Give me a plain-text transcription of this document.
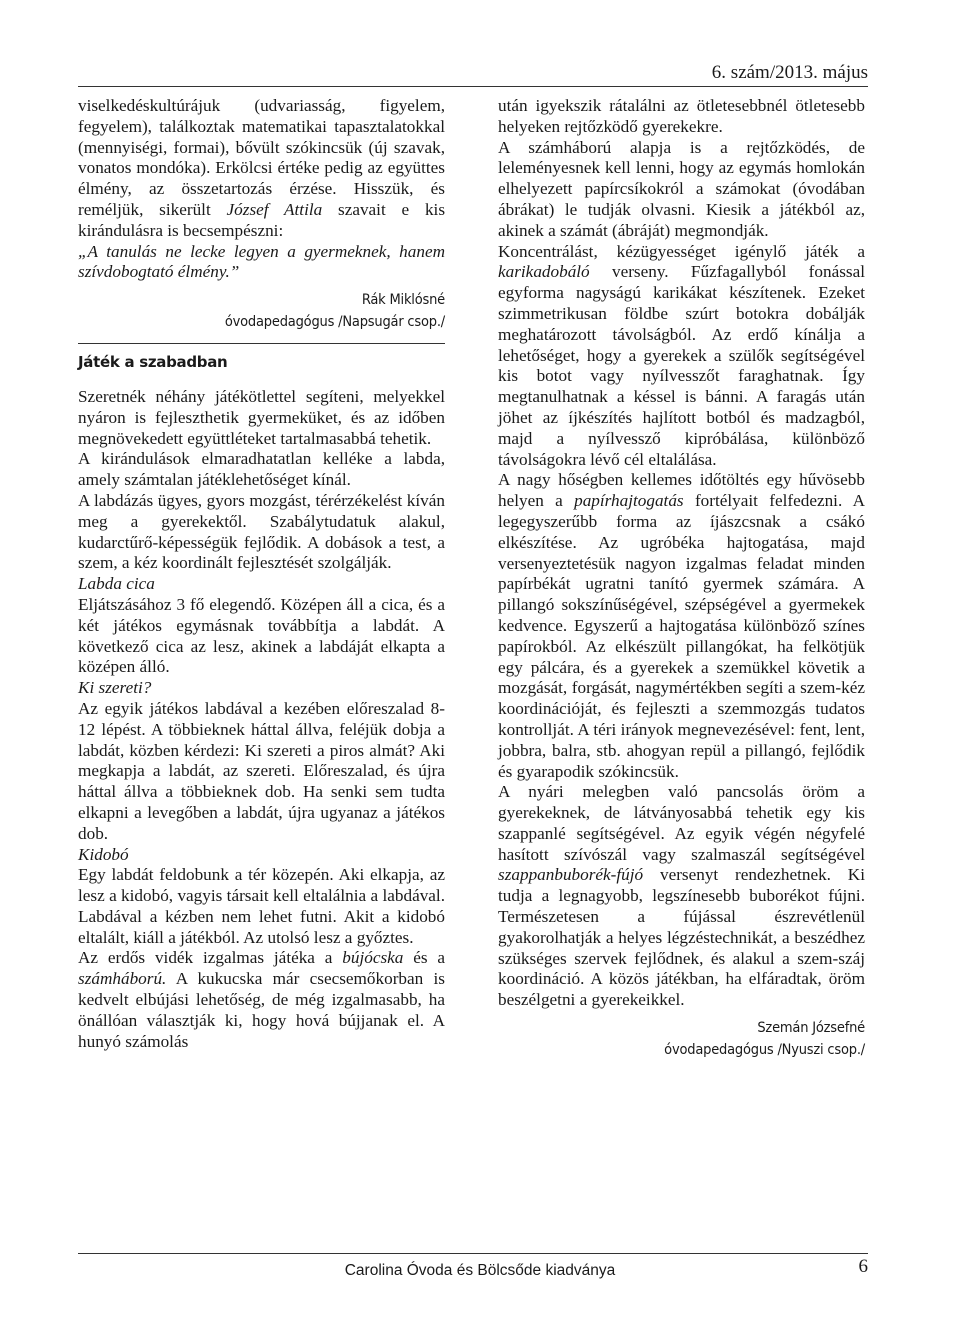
6. szám/2013. május

viselkedéskultúrájuk (udvariasság, figyelem, fegyelem), találkoztak matematikai tapasztalatokkal (mennyiségi, formai), bővült szókincsük (új szavak, vonatos mondóka). Erkölcsi értéke pedig az együttes élmény, az összetartozás érzése. Hisszük, és reméljük, sikerült József Attila szavait e kis kirándulásra is becsempészni:

„A tanulás ne lecke legyen a gyermeknek, hanem szívdobogtató élmény.”

Rák Miklósné
óvodapedagógus /Napsugár csop./
Játék a szabadban

Szeretnék néhány játékötlettel segíteni, melyekkel nyáron is fejleszthetik gyermeküket, és az időben megnövekedett együttléteket tartalmasabbá tehetik.

A kirándulások elmaradhatatlan kelléke a labda, amely számtalan játéklehetőséget kínál.

A labdázás ügyes, gyors mozgást, térérzékelést kíván meg a gyerekektől. Szabálytudatuk alakul, kudarctűrő-képességük fejlődik. A dobások a test, a szem, a kéz koordinált fejlesztését szolgálják.

Labda cica

Eljátszásához 3 fő elegendő. Középen áll a cica, és a két játékos egymásnak továbbítja a labdát. A következő cica az lesz, akinek a labdáját elkapta a középen álló.

Ki szereti?

Az egyik játékos labdával a kezében előreszalad 8-12 lépést. A többieknek háttal állva, feléjük dobja a labdát, közben kérdezi: Ki szereti a piros almát? Aki megkapja a labdát, az szereti. Előreszalad, és újra háttal állva a többieknek dob. Ha senki sem tudta elkapni a levegőben a labdát, újra ugyanaz a játékos dob.

Kidobó

Egy labdát feldobunk a tér közepén. Aki elkapja, az lesz a kidobó, vagyis társait kell eltalálnia a labdával. Labdával a kézben nem lehet futni. Akit a kidobó eltalált, kiáll a játékból. Az utolsó lesz a győztes.

Az erdős vidék izgalmas játéka a bújócska és a számháború. A kukucska már csecsemőkorban is kedvelt elbújási lehetőség, de még izgalmasabb, ha önállóan választják ki, hogy hová bújjanak el. A hunyó számolás

után igyekszik rátalálni az ötletesebbnél ötletesebb helyeken rejtőzködő gyerekekre.

A számháború alapja is a rejtőzködés, de leleményesnek kell lenni, hogy az egymás homlokán elhelyezett papírcsíkokról a számokat (óvodában ábrákat) le tudják olvasni. Kiesik a játékból az, akinek a számát (ábráját) megmondják.

Koncentrálást, kézügyességet igénylő játék a karikadobáló verseny. Fűzfagallyból fonással egyforma nagyságú karikákat készítenek. Ezeket szimmetrikusan földbe szúrt botokra dobálják meghatározott távolságból. Az erdő kínálja a lehetőséget, hogy a gyerekek a szülők segítségével kis botot vagy nyílvesszőt faraghatnak. Így megtanulhatnak a késsel is bánni. A faragás után jöhet az íjkészítés hajlított botból és madzagból, majd a nyílvessző kipróbálása, különböző távolságokra lévő cél eltalálása.

A nagy hőségben kellemes időtöltés egy hűvösebb helyen a papírhajtogatás fortélyait felfedezni. A legegyszerűbb forma az íjászcsnak a csákó elkészítése. Az ugróbéka hajtogatása, majd versenyeztetésük nagyon izgalmas feladat minden papírbékát ugratni tanító gyermek számára. A pillangó sokszínűségével, szépségével a gyermekek kedvence. Egyszerű a hajtogatása különböző színes papírokból. Az elkészült pillangókat, ha felkötjük egy pálcára, és a gyerekek a szemükkel követik a mozgását, forgását, nagymértékben segíti a szem-kéz koordinációját, és fejleszti a szemmozgás tudatos kontrollját. A téri irányok megnevezésével: fent, lent, jobbra, balra, stb. ahogyan repül a pillangó, fejlődik és gyarapodik szókincsük.

A nyári melegben való pancsolás öröm a gyerekeknek, de látványosabbá tehetik egy kis szappanlé segítségével. Az egyik végén négyfelé hasított szívószál vagy szalmaszál segítségével szappanbuborék-fújó versenyt rendezhetnek. Ki tudja a legnagyobb, legszínesebb buborékot fújni. Természetesen a fújással észrevétlenül gyakorolhatják a helyes légzéstechnikát, a beszédhez szükséges szervek fejlődnek, és alakul a szem-száj koordináció. A közös játékban, ha elfáradtak, öröm beszélgetni a gyerekeikkel.

Szemán Józsefné
óvodapedagógus /Nyuszi csop./
Carolina Óvoda és Bölcsőde kiadványa	6
